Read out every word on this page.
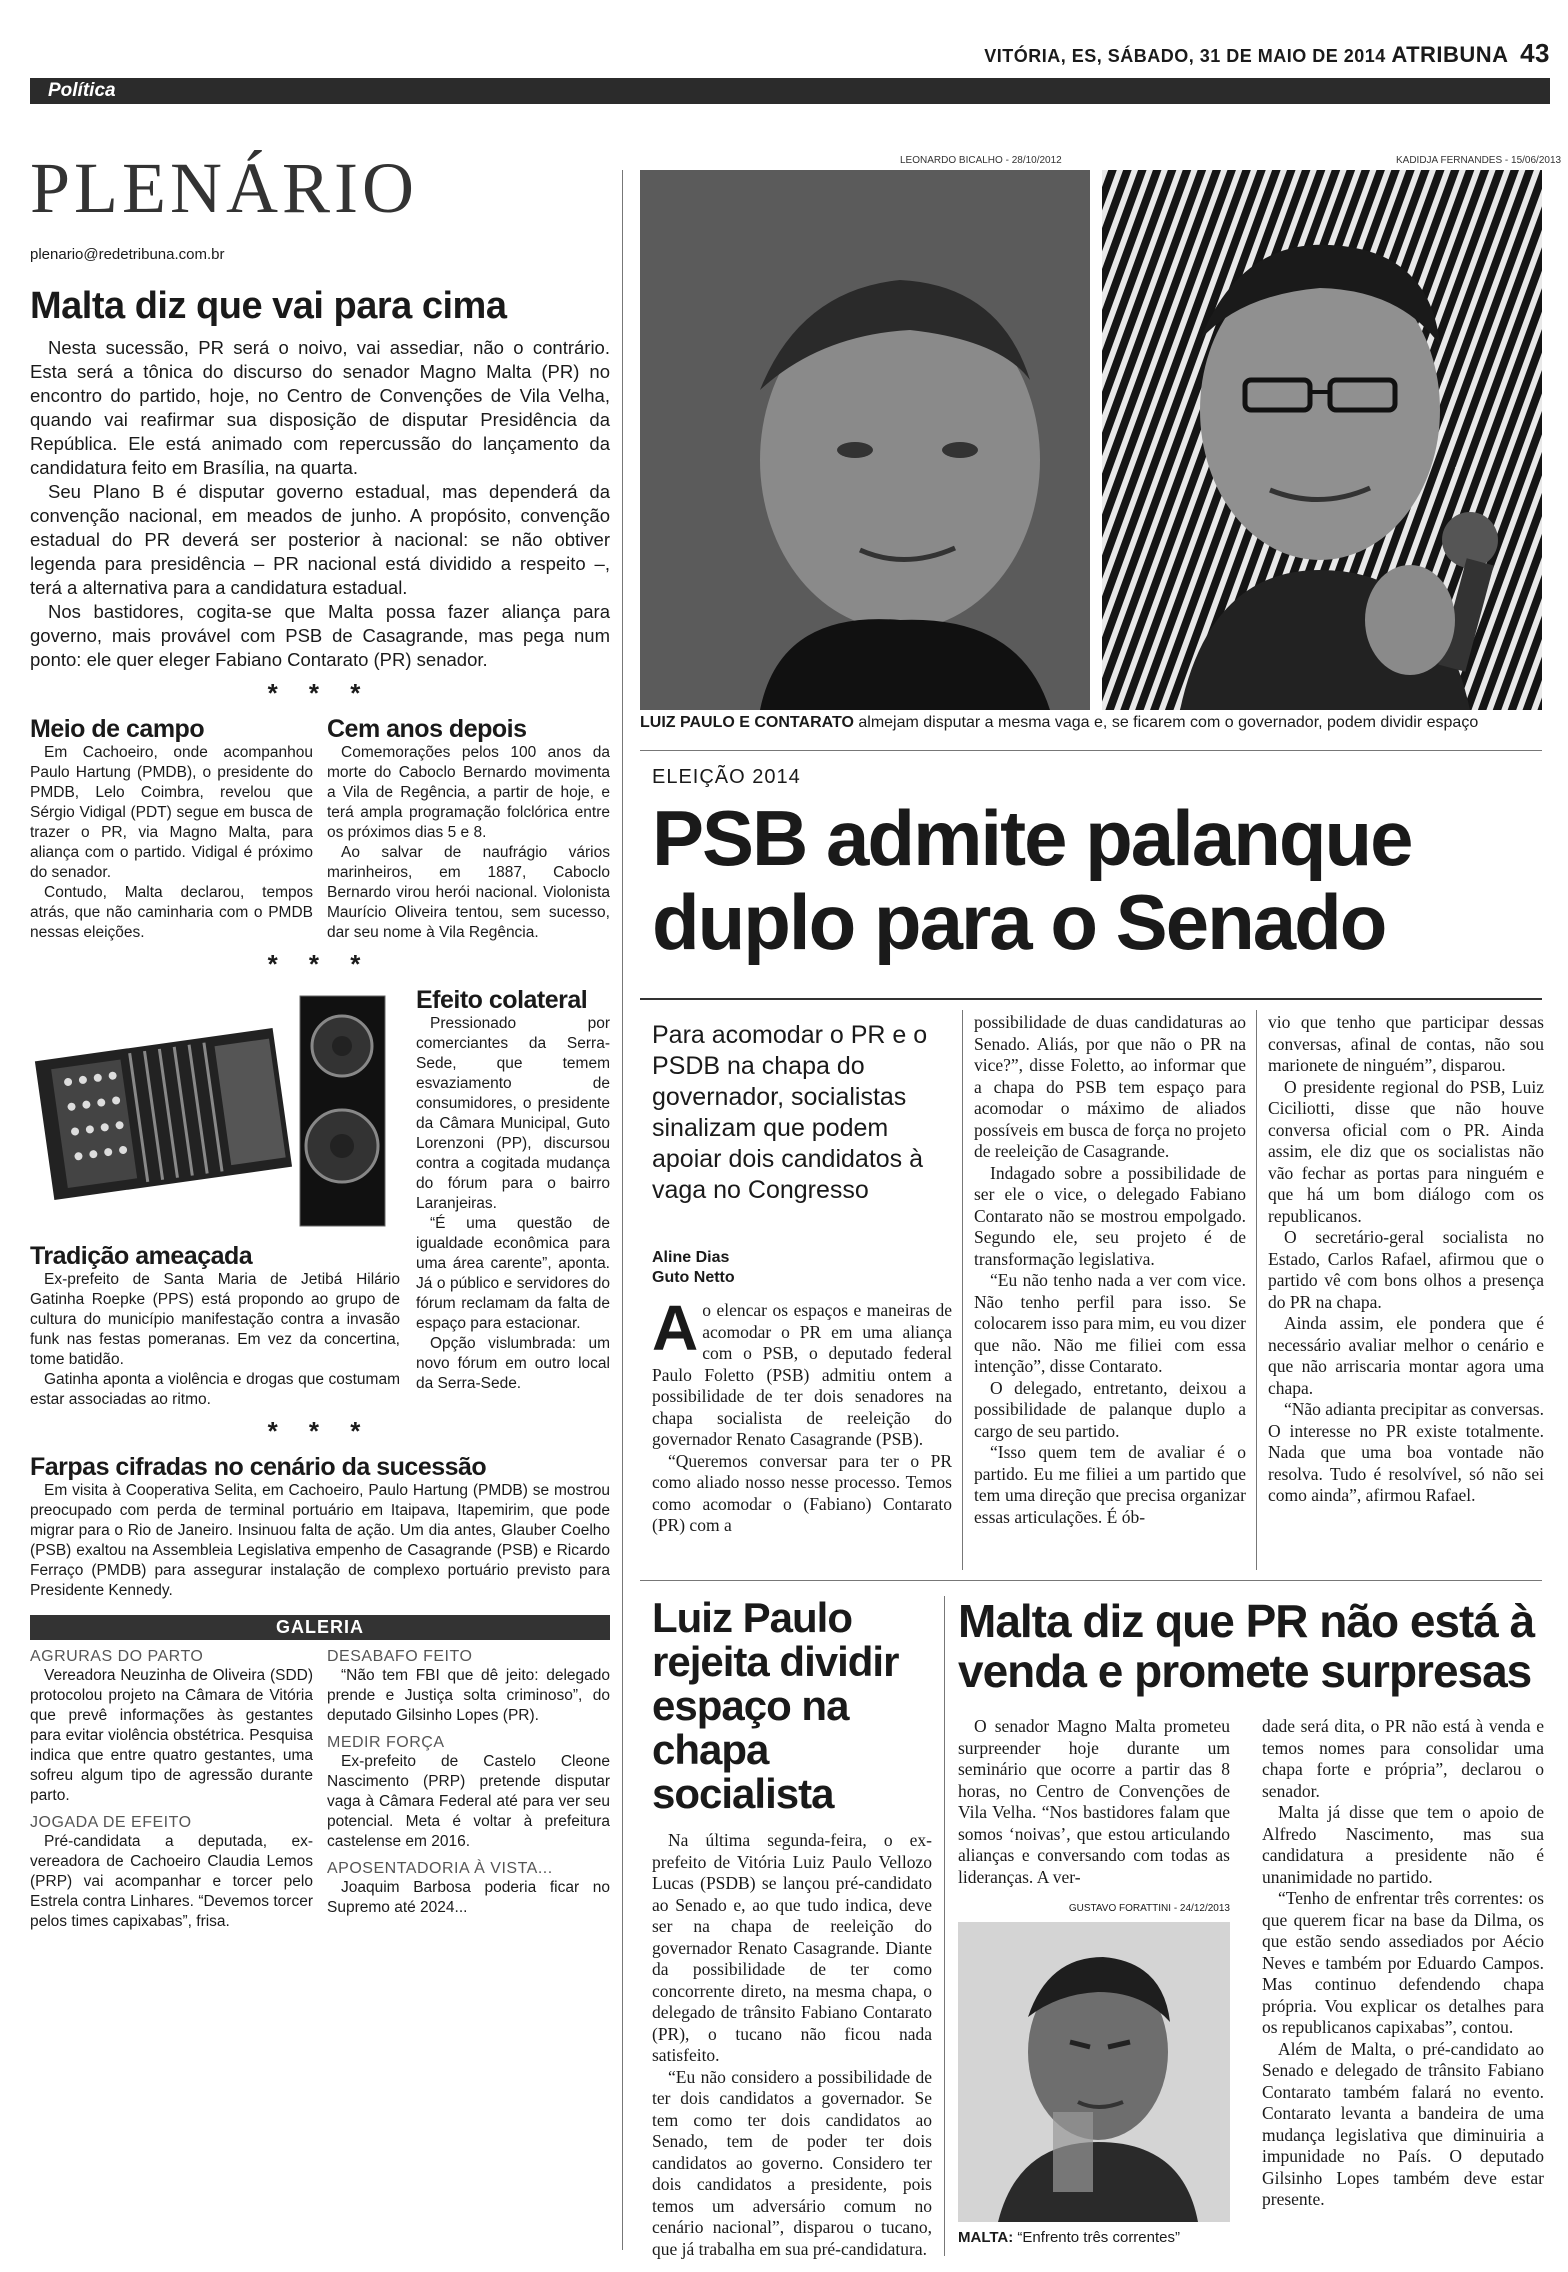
VITÓRIA, ES, SÁBADO, 31 DE MAIO DE 2014 ATRIBUNA 43
Política
PLENÁRIO
plenario@redetribuna.com.br
Malta diz que vai para cima

Nesta sucessão, PR será o noivo, vai assediar, não o contrário. Esta será a tônica do discurso do senador Magno Malta (PR) no encontro do partido, hoje, no Centro de Convenções de Vila Velha, quando vai reafirmar sua disposição de disputar Presidência da República. Ele está animado com repercussão do lançamento da candidatura feito em Brasília, na quarta.

Seu Plano B é disputar governo estadual, mas dependerá da convenção nacional, em meados de junho. A propósito, convenção estadual do PR deverá ser posterior à nacional: se não obtiver legenda para presidência – PR nacional está dividido a respeito –, terá a alternativa para a candidatura estadual.

Nos bastidores, cogita-se que Malta possa fazer aliança para governo, mais provável com PSB de Casagrande, mas pega num ponto: ele quer eleger Fabiano Contarato (PR) senador.

* * *
Meio de campo

Em Cachoeiro, onde acompanhou Paulo Hartung (PMDB), o presidente do PMDB, Lelo Coimbra, revelou que Sérgio Vidigal (PDT) segue em busca de trazer o PR, via Magno Malta, para aliança com o partido. Vidigal é próximo do senador.

Contudo, Malta declarou, tempos atrás, que não caminharia com o PMDB nessas eleições.

Cem anos depois

Comemorações pelos 100 anos da morte do Caboclo Bernardo movimenta a Vila de Regência, a partir de hoje, e terá ampla programação folclórica entre os próximos dias 5 e 8.

Ao salvar de naufrágio vários marinheiros, em 1887, Caboclo Bernardo virou herói nacional. Violonista Maurício Oliveira tentou, sem sucesso, dar seu nome à Vila Regência.

* * *
Tradição ameaçada

Ex-prefeito de Santa Maria de Jetibá Hilário Gatinha Roepke (PPS) está propondo ao grupo de cultura do município manifestação contra a invasão funk nas festas pomeranas. Em vez da concertina, tome batidão.

Gatinha aponta a violência e drogas que costumam estar associadas ao ritmo.

Efeito colateral

Pressionado por comerciantes da Serra-Sede, que temem esvaziamento de consumidores, o presidente da Câmara Municipal, Guto Lorenzoni (PP), discursou contra a cogitada mudança do fórum para o bairro Laranjeiras.

“É uma questão de igualdade econômica para uma área carente”, aponta. Já o público e servidores do fórum reclamam da falta de espaço para estacionar.

Opção vislumbrada: um novo fórum em outro local da Serra-Sede.

* * *
Farpas cifradas no cenário da sucessão

Em visita à Cooperativa Selita, em Cachoeiro, Paulo Hartung (PMDB) se mostrou preocupado com perda de terminal portuário em Itaipava, Itapemirim, que pode migrar para o Rio de Janeiro. Insinuou falta de ação. Um dia antes, Glauber Coelho (PSB) exaltou na Assembleia Legislativa empenho de Casagrande (PSB) e Ricardo Ferraço (PMDB) para assegurar instalação de complexo portuário previsto para Presidente Kennedy.

GALERIA
AGRURAS DO PARTO

Vereadora Neuzinha de Oliveira (SDD) protocolou projeto na Câmara de Vitória que prevê informações às gestantes para evitar violência obstétrica. Pesquisa indica que entre quatro gestantes, uma sofreu algum tipo de agressão durante parto.

JOGADA DE EFEITO

Pré-candidata a deputada, ex-vereadora de Cachoeiro Claudia Lemos (PRP) vai acompanhar e torcer pelo Estrela contra Linhares. “Devemos torcer pelos times capixabas”, frisa.

DESABAFO FEITO

“Não tem FBI que dê jeito: delegado prende e Justiça solta criminoso”, do deputado Gilsinho Lopes (PR).

MEDIR FORÇA

Ex-prefeito de Castelo Cleone Nascimento (PRP) pretende disputar vaga à Câmara Federal até para ver seu potencial. Meta é voltar à prefeitura castelense em 2016.

APOSENTADORIA À VISTA...

Joaquim Barbosa poderia ficar no Supremo até 2024...

LEONARDO BICALHO - 28/10/2012	KADIDJA FERNANDES - 15/06/2013
LUIZ PAULO E CONTARATO almejam disputar a mesma vaga e, se ficarem com o governador, podem dividir espaço
ELEIÇÃO 2014
PSB admite palanque duplo para o Senado
Para acomodar o PR e o PSDB na chapa do governador, socialistas sinalizam que podem apoiar dois candidatos à vaga no Congresso
Aline Dias
Guto Netto

Ao elencar os espaços e maneiras de acomodar o PR em uma aliança com o PSB, o deputado federal Paulo Foletto (PSB) admitiu ontem a possibilidade de ter dois senadores na chapa socialista de reeleição do governador Renato Casagrande (PSB).

“Queremos conversar para ter o PR como aliado nosso nesse processo. Temos como acomodar o (Fabiano) Contarato (PR) com a

possibilidade de duas candidaturas ao Senado. Aliás, por que não o PR na vice?”, disse Foletto, ao informar que a chapa do PSB tem espaço para acomodar o máximo de aliados possíveis em busca de força no projeto de reeleição de Casagrande.

Indagado sobre a possibilidade de ser ele o vice, o delegado Fabiano Contarato não se mostrou empolgado. Segundo ele, seu projeto é de transformação legislativa.

“Eu não tenho nada a ver com vice. Não tenho perfil para isso. Se colocarem isso para mim, eu vou dizer que não. Não me filiei com essa intenção”, disse Contarato.

O delegado, entretanto, deixou a possibilidade de palanque duplo a cargo de seu partido.

“Isso quem tem de avaliar é o partido. Eu me filiei a um partido que tem uma direção que precisa organizar essas articulações. É ób-

vio que tenho que participar dessas conversas, afinal de contas, não sou marionete de ninguém”, disparou.

O presidente regional do PSB, Luiz Ciciliotti, disse que não houve conversa oficial com o PR. Ainda assim, ele diz que os socialistas não vão fechar as portas para ninguém e que há um bom diálogo com os republicanos.

O secretário-geral socialista no Estado, Carlos Rafael, afirmou que o partido vê com bons olhos a presença do PR na chapa.

Ainda assim, ele pondera que é necessário avaliar melhor o cenário e que não arriscaria montar agora uma chapa.

“Não adianta precipitar as conversas. O interesse no PR existe totalmente. Nada que uma boa vontade não resolva. Tudo é resolvível, só não sei como ainda”, afirmou Rafael.

Luiz Paulo rejeita dividir espaço na chapa socialista

Na última segunda-feira, o ex-prefeito de Vitória Luiz Paulo Vellozo Lucas (PSDB) se lançou pré-candidato ao Senado e, ao que tudo indica, deve ser na chapa de reeleição do governador Renato Casagrande. Diante da possibilidade de ter como concorrente direto, na mesma chapa, o delegado de trânsito Fabiano Contarato (PR), o tucano não ficou nada satisfeito.

“Eu não considero a possibilidade de ter dois candidatos a governador. Se tem como ter dois candidatos ao Senado, tem de poder ter dois candidatos ao governo. Considero ter dois candidatos a presidente, pois temos um adversário comum no cenário nacional”, disparou o tucano, que já trabalha em sua pré-candidatura.

Malta diz que PR não está à venda e promete surpresas

O senador Magno Malta prometeu surpreender hoje durante um seminário que ocorre a partir das 8 horas, no Centro de Convenções de Vila Velha. “Nos bastidores falam que somos ‘noivas’, que estou articulando alianças e conversando com todas as lideranças. A ver-

GUSTAVO FORATTINI - 24/12/2013
MALTA: “Enfrento três correntes”

dade será dita, o PR não está à venda e temos nomes para consolidar uma chapa forte e própria”, declarou o senador.

Malta já disse que tem o apoio de Alfredo Nascimento, mas sua candidatura a presidente não é unanimidade no partido.

“Tenho de enfrentar três correntes: os que querem ficar na base da Dilma, os que estão sendo assediados por Aécio Neves e também por Eduardo Campos. Mas continuo defendendo chapa própria. Vou explicar os detalhes para os republicanos capixabas”, contou.

Além de Malta, o pré-candidato ao Senado e delegado de trânsito Fabiano Contarato também falará no evento. Contarato levanta a bandeira de uma mudança legislativa que diminuiria a impunidade no País. O deputado Gilsinho Lopes também deve estar presente.
